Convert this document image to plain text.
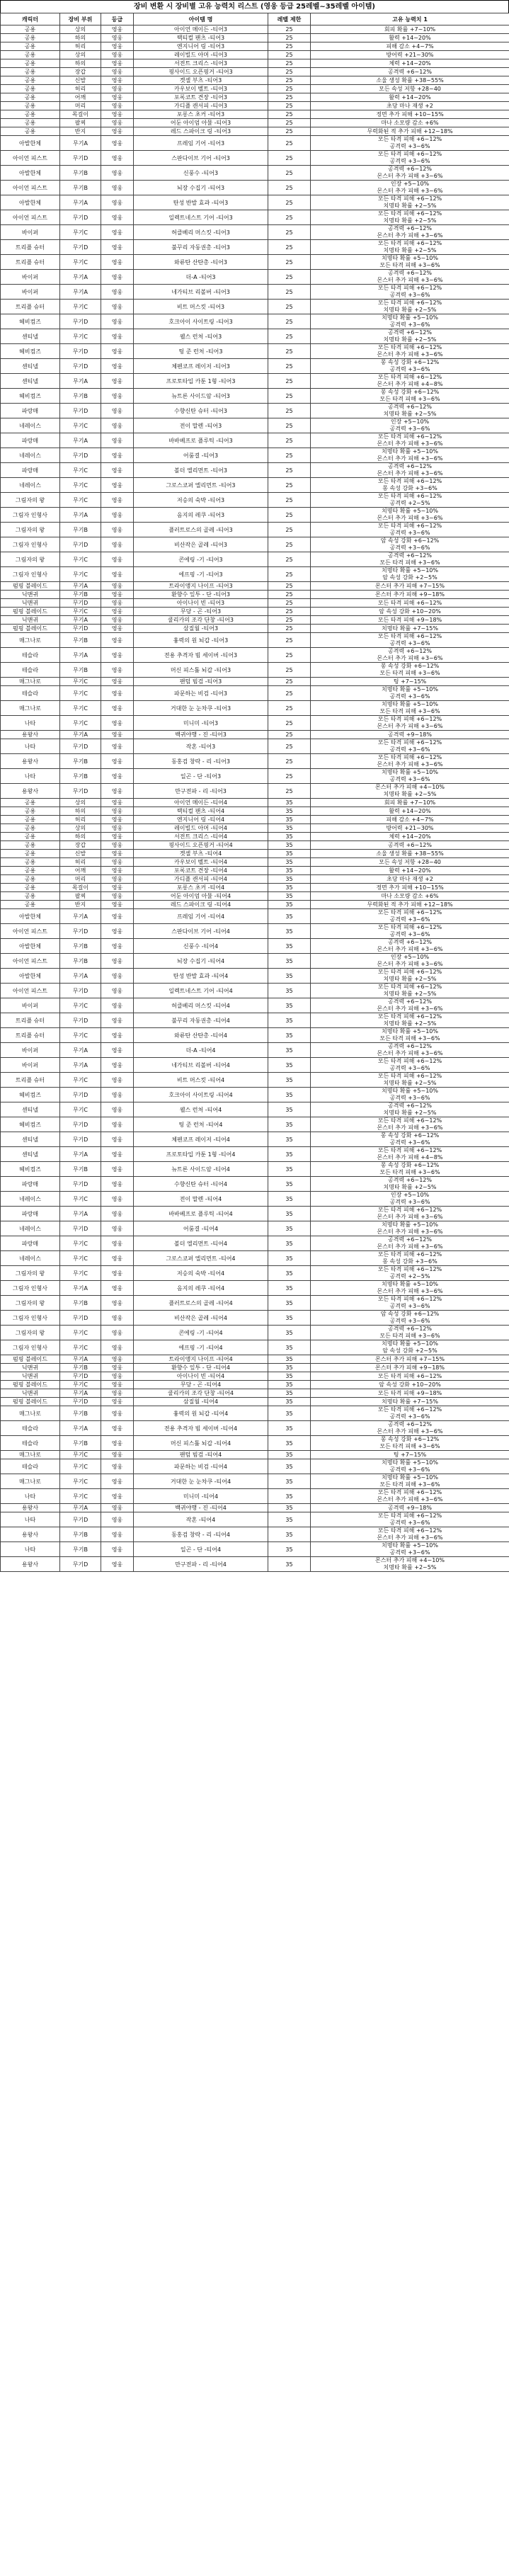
장비 변환 시 장비별 고유 능력치 리스트 (영웅 등급 25레벨~35레벨 아이템)
캐릭터	장비 부위	등급	아이템 명	레벨 제한	고유 능력치 1
공용	상의	영웅	아이언 메이든 -티어3	25	회피 확률 +7~10%

공용	하의	영웅	택티컬 팬츠 -티어3	25	활력 +14~20%

공용	허리	영웅	엔지니어 링 -티어3	25	피해 감소 +4~7%

공용	상의	영웅	레이빌드 아머 -티어3	25	방어력 +21~30%

공용	하의	영웅	서전트 크리스 -티어3	25	체력 +14~20%

공용	장갑	영웅	핑사이드 오픈핑거 -티어3	25	공격력 +6~12%

공용	신발	영웅	겟셀 부츠 -티어3	25	소울 생성 확률 +38~55%

공용	허리	영웅	카우보이 벨트 -티어3	25	모든 속성 저항 +28~40

공용	어깨	영웅	포록코트 견장 -티어3	25	활력 +14~20%

공용	머리	영웅	가디플 캔서피 -티어3	25	초당 마나 재생 +2

공용	목걸이	영웅	포롱스 초커 -티어3	25	정면 추가 피해 +10~15%

공용	팔찌	영웅	어둔 아이엄 아뮬 -티어3	25	마나 소모량 감소 +6%

공용	반지	영웅	레드 스파이크 링 -티어3	25	무력화된 적 추가 피해 +12~18%

아발한체	무기A	영웅	프레임 기어 -티어3	25	모든 타격 피해 +6~12%
공격력 +3~6%

아이언 피스트	무기D	영웅	스판다이브 기어 -티어3	25	모든 타격 피해 +6~12%
공격력 +3~6%

아발한체	무기B	영웅	신풍수 -티어3	25	공격력 +6~12%
몬스터 추가 피해 +3~6%

아이언 피스트	무기B	영웅	뇌장 수집기 -티어3	25	인장 +5~10%
몬스터 추가 피해 +3~6%

아발한체	무기A	영웅	탄성 반발 효과 -티어3	25	모든 타격 피해 +6~12%
치명타 확률 +2~5%

아이언 피스트	무기D	영웅	일렉트네스트 기어 -티어3	25	모든 타격 피해 +6~12%
치명타 확률 +2~5%

바이퍼	무기C	영웅	허클베리 머스킷 -티어3	25	공격력 +6~12%
몬스터 추가 피해 +3~6%

트리플 슈터	무기D	영웅	불꾸리 자동권총 -티어3	25	모든 타격 피해 +6~12%
치명타 확률 +2~5%

트리플 슈터	무기C	영웅	와류탄 산탄총 -티어3	25	치명타 확률 +5~10%
모든 타격 피해 +3~6%

바이퍼	무기A	영웅	더-A -티어3	25	공격력 +6~12%
몬스터 추가 피해 +3~6%

바이퍼	무기A	영웅	네가티브 리볼버 -티어3	25	모든 타격 피해 +6~12%
공격력 +3~6%

트리플 슈터	무기C	영웅	비트 머스킷 -티어3	25	모든 타격 피해 +6~12%
치명타 확률 +2~5%

헤비컴즈	무기D	영웅	호크아이 사이트링 -티어3	25	치명타 확률 +5~10%
공격력 +3~6%

센티넬	무기C	영웅	웰스 런처 -티어3	25	공격력 +6~12%
치명타 확률 +2~5%

헤비컴즈	무기D	영웅	팅 준 런처 -티어3	25	모든 타격 피해 +6~12%
몬스터 추가 피해 +3~6%

센티넬	무기D	영웅	체펜코프 레이저 -티어3	25	몽 속성 강화 +6~12%
공격력 +3~6%

센티넬	무기A	영웅	프로토타입 카툰 1형 -티어3	25	모든 타격 피해 +6~12%
몬스터 추가 피해 +4~8%

헤비컴즈	무기B	영웅	뉴트론 사이드암 -티어3	25	몽 속성 강화 +6~12%
모든 타격 피해 +3~6%

파랑매	무기D	영웅	수향신탄 슈터 -티어3	25	공격력 +6~12%
치명타 확률 +2~5%

네레이스	무기C	영웅	전이 말렌 -티어3	25	인장 +5~10%
공격력 +3~6%

파랑매	무기A	영웅	바바베프로 플루틱 -티어3	25	모든 타격 피해 +6~12%
몬스터 추가 피해 +3~6%

네레이스	무기D	영웅	어룸결 -티어3	25	치명타 확률 +5~10%
몬스터 추가 피해 +3~6%

파랑매	무기C	영웅	볼더 엘리먼트 -티어3	25	공격력 +6~12%
몬스터 추가 피해 +3~6%

네레이스	무기C	영웅	그로스코퍼 엘리먼트 -티어3	25	모든 타격 피해 +6~12%
몽 속성 강화 +3~6%

그림자의 왕	무기C	영웅	저승의 숙박 -티어3	25	모든 타격 피해 +6~12%
공격력 +2~5%

그림자 인형사	무기A	영웅	음지의 레쿠 -티어3	25	치명타 확률 +5~10%
몬스터 추가 피해 +3~6%

그림자의 왕	무기B	영웅	플러트로스의 골레 -티어3	25	모든 타격 피해 +6~12%
공격력 +3~6%

그림자 인형사	무기D	영웅	비산작은 골레 -티어3	25	암 속성 강화 +6~12%
공격력 +3~6%

그림자의 왕	무기C	영웅	콘에링 -기 -티어3	25	공격력 +6~12%
모든 타격 피해 +3~6%

그림자 인형사	무기C	영웅	에프핑 -기 -티어3	25	치명타 확률 +5~10%
암 속성 강화 +2~5%

펌핑 블레이드	무기A	영웅	트라이앵지 나이프 -티어3	25	몬스터 추가 피해 +7~15%

닉맨귀	무기B	영웅	환향수 잎투 - 단 -티어3	25	몬스터 추가 피해 +9~18%

닉맨귀	무기D	영웅	아이나이 빈 -티어3	25	모든 타격 피해 +6~12%

펌핑 블레이드	무기C	영웅	무당 - 곤 -티어3	25	암 속성 강화 +10~20%

닉맨귀	무기A	영웅	쿨리카의 조각 단창 -티어3	25	모든 타격 피해 +9~18%

펌핑 블레이드	무기D	영웅	삼질월 -티어3	25	치명타 확률 +7~15%

매그나로	무기B	영웅	흉력의 원 뇌갑 -티어3	25	모든 타격 피해 +6~12%
공격력 +3~6%

테슬라	무기A	영웅	전용 추격자 빔 세이버 -티어3	25	공격력 +6~12%
몬스터 추가 피해 +3~6%

테슬라	무기B	영웅	머신 피스톨 뇌갑 -티어3	25	몽 속성 강화 +6~12%
모든 타격 피해 +3~6%

매그나로	무기C	영웅	팬텀 빔검 -티어3	25	팅 +7~15%

테슬라	무기C	영웅	파문하는 비검 -티어3	25	치명타 확률 +5~10%
공격력 +3~6%

매그나로	무기C	영웅	거대한 눈 눈차쿠 -티어3	25	치명타 확률 +5~10%
모든 타격 피해 +3~6%

나타	무기C	영웅	미니미 -티어3	25	모든 타격 피해 +6~12%
몬스터 추가 피해 +3~6%

용왕사	무기A	영웅	백귀야행 - 진 -티어3	25	공격력 +9~18%

나타	무기D	영웅	작혼 -티어3	25	모든 타격 피해 +6~12%
공격력 +3~6%

용왕사	무기B	영웅	동홍검 창락 - 리 -티어3	25	모든 타격 피해 +6~12%
몬스터 추가 피해 +3~6%

나타	무기B	영웅	일곤 - 단 -티어3	25	치명타 확률 +5~10%
공격력 +3~6%

용왕사	무기D	영웅	만구전파 - 리 -티어3	25	몬스터 추가 피해 +4~10%
치명타 확률 +2~5%

공용	상의	영웅	아이언 메이든 -티어4	35	회피 확률 +7~10%

공용	하의	영웅	택티컬 팬츠 -티어4	35	활력 +14~20%

공용	허리	영웅	엔지니어 링 -티어4	35	피해 감소 +4~7%

공용	상의	영웅	레이빌드 아머 -티어4	35	방어력 +21~30%

공용	하의	영웅	서전트 크리스 -티어4	35	체력 +14~20%

공용	장갑	영웅	핑사이드 오픈핑거 -티어4	35	공격력 +6~12%

공용	신발	영웅	겟셀 부츠 -티어4	35	소울 생성 확률 +38~55%

공용	허리	영웅	카우보이 벨트 -티어4	35	모든 속성 저항 +28~40

공용	어깨	영웅	포록코트 견장 -티어4	35	활력 +14~20%

공용	머리	영웅	가디플 캔서피 -티어4	35	초당 마나 재생 +2

공용	목걸이	영웅	포롱스 초커 -티어4	35	정면 추가 피해 +10~15%

공용	팔찌	영웅	어둔 아이엄 아뮬 -티어4	35	마나 소모량 감소 +6%

공용	반지	영웅	레드 스파이크 링 -티어4	35	무력화된 적 추가 피해 +12~18%

아발한체	무기A	영웅	프레임 기어 -티어4	35	모든 타격 피해 +6~12%
공격력 +3~6%

아이언 피스트	무기D	영웅	스판다이브 기어 -티어4	35	모든 타격 피해 +6~12%
공격력 +3~6%

아발한체	무기B	영웅	신풍수 -티어4	35	공격력 +6~12%
몬스터 추가 피해 +3~6%

아이언 피스트	무기B	영웅	뇌장 수집기 -티어4	35	인장 +5~10%
몬스터 추가 피해 +3~6%

아발한체	무기A	영웅	탄성 반발 효과 -티어4	35	모든 타격 피해 +6~12%
치명타 확률 +2~5%

아이언 피스트	무기D	영웅	일렉트네스트 기어 -티어4	35	모든 타격 피해 +6~12%
치명타 확률 +2~5%

바이퍼	무기C	영웅	허클베리 머스킷 -티어4	35	공격력 +6~12%
몬스터 추가 피해 +3~6%

트리플 슈터	무기D	영웅	불꾸리 자동권총 -티어4	35	모든 타격 피해 +6~12%
치명타 확률 +2~5%

트리플 슈터	무기C	영웅	와류탄 산탄총 -티어4	35	치명타 확률 +5~10%
모든 타격 피해 +3~6%

바이퍼	무기A	영웅	더-A -티어4	35	공격력 +6~12%
몬스터 추가 피해 +3~6%

바이퍼	무기A	영웅	네가티브 리볼버 -티어4	35	모든 타격 피해 +6~12%
공격력 +3~6%

트리플 슈터	무기C	영웅	비트 머스킷 -티어4	35	모든 타격 피해 +6~12%
치명타 확률 +2~5%

헤비컴즈	무기D	영웅	호크아이 사이트링 -티어4	35	치명타 확률 +5~10%
공격력 +3~6%

센티넬	무기C	영웅	웰스 런처 -티어4	35	공격력 +6~12%
치명타 확률 +2~5%

헤비컴즈	무기D	영웅	팅 준 런처 -티어4	35	모든 타격 피해 +6~12%
몬스터 추가 피해 +3~6%

센티넬	무기D	영웅	체펜코프 레이저 -티어4	35	몽 속성 강화 +6~12%
공격력 +3~6%

센티넬	무기A	영웅	프로토타입 카툰 1형 -티어4	35	모든 타격 피해 +6~12%
몬스터 추가 피해 +4~8%

헤비컴즈	무기B	영웅	뉴트론 사이드암 -티어4	35	몽 속성 강화 +6~12%
모든 타격 피해 +3~6%

파랑매	무기D	영웅	수향신탄 슈터 -티어4	35	공격력 +6~12%
치명타 확률 +2~5%

네레이스	무기C	영웅	전이 말렌 -티어4	35	인장 +5~10%
공격력 +3~6%

파랑매	무기A	영웅	바바베프로 플루틱 -티어4	35	모든 타격 피해 +6~12%
몬스터 추가 피해 +3~6%

네레이스	무기D	영웅	어룸결 -티어4	35	치명타 확률 +5~10%
몬스터 추가 피해 +3~6%

파랑매	무기C	영웅	볼더 엘리먼트 -티어4	35	공격력 +6~12%
몬스터 추가 피해 +3~6%

네레이스	무기C	영웅	그로스코퍼 엘리먼트 -티어4	35	모든 타격 피해 +6~12%
몽 속성 강화 +3~6%

그림자의 왕	무기C	영웅	저승의 숙박 -티어4	35	모든 타격 피해 +6~12%
공격력 +2~5%

그림자 인형사	무기A	영웅	음지의 레쿠 -티어4	35	치명타 확률 +5~10%
몬스터 추가 피해 +3~6%

그림자의 왕	무기B	영웅	플러트로스의 골레 -티어4	35	모든 타격 피해 +6~12%
공격력 +3~6%

그림자 인형사	무기D	영웅	비산작은 골레 -티어4	35	암 속성 강화 +6~12%
공격력 +3~6%

그림자의 왕	무기C	영웅	콘에링 -기 -티어4	35	공격력 +6~12%
모든 타격 피해 +3~6%

그림자 인형사	무기C	영웅	에프핑 -기 -티어4	35	치명타 확률 +5~10%
암 속성 강화 +2~5%

펌핑 블레이드	무기A	영웅	트라이앵지 나이프 -티어4	35	몬스터 추가 피해 +7~15%

닉맨귀	무기B	영웅	환향수 잎투 - 단 -티어4	35	몬스터 추가 피해 +9~18%

닉맨귀	무기D	영웅	아이나이 빈 -티어4	35	모든 타격 피해 +6~12%

펌핑 블레이드	무기C	영웅	무당 - 곤 -티어4	35	암 속성 강화 +10~20%

닉맨귀	무기A	영웅	쿨리카의 조각 단창 -티어4	35	모든 타격 피해 +9~18%

펌핑 블레이드	무기D	영웅	삼질월 -티어4	35	치명타 확률 +7~15%

매그나로	무기B	영웅	흉력의 원 뇌갑 -티어4	35	모든 타격 피해 +6~12%
공격력 +3~6%

테슬라	무기A	영웅	전용 추격자 빔 세이버 -티어4	35	공격력 +6~12%
몬스터 추가 피해 +3~6%

테슬라	무기B	영웅	머신 피스톨 뇌갑 -티어4	35	몽 속성 강화 +6~12%
모든 타격 피해 +3~6%

매그나로	무기C	영웅	팬텀 빔검 -티어4	35	팅 +7~15%

테슬라	무기C	영웅	파문하는 비검 -티어4	35	치명타 확률 +5~10%
공격력 +3~6%

매그나로	무기C	영웅	거대한 눈 눈차쿠 -티어4	35	치명타 확률 +5~10%
모든 타격 피해 +3~6%

나타	무기C	영웅	미니미 -티어4	35	모든 타격 피해 +6~12%
몬스터 추가 피해 +3~6%

용왕사	무기A	영웅	백귀야행 - 진 -티어4	35	공격력 +9~18%

나타	무기D	영웅	작혼 -티어4	35	모든 타격 피해 +6~12%
공격력 +3~6%

용왕사	무기B	영웅	동홍검 창락 - 리 -티어4	35	모든 타격 피해 +6~12%
몬스터 추가 피해 +3~6%

나타	무기B	영웅	일곤 - 단 -티어4	35	치명타 확률 +5~10%
공격력 +3~6%

용왕사	무기D	영웅	만구전파 - 리 -티어4	35	몬스터 추가 피해 +4~10%
치명타 확률 +2~5%
